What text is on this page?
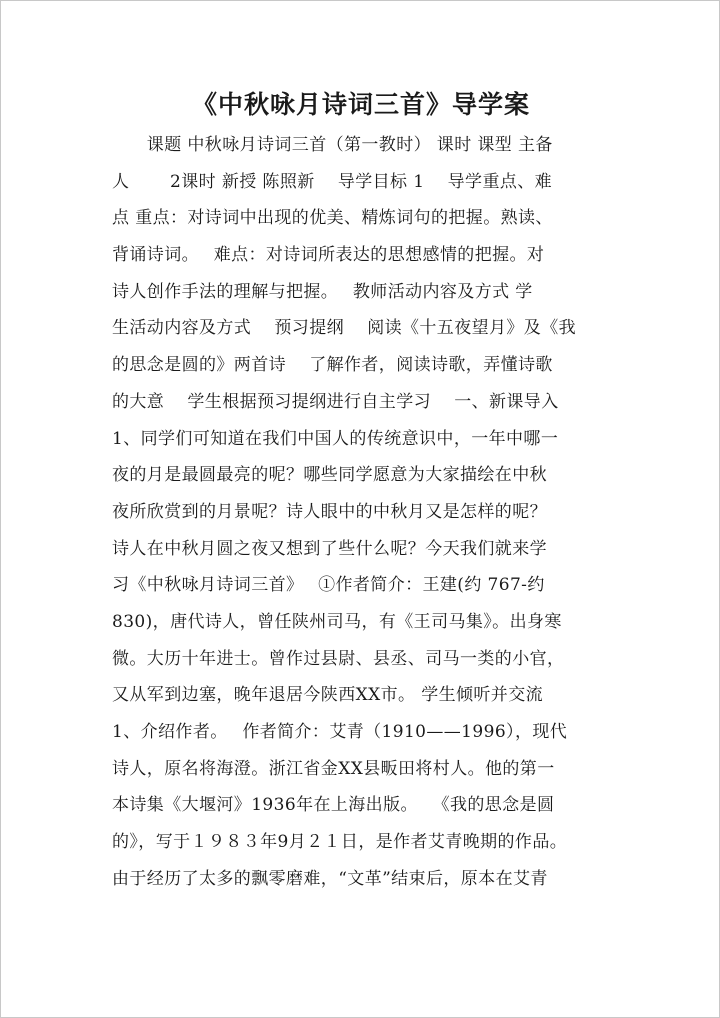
《中秋咏月诗词三首》导学案
　　课题 中秋咏月诗词三首（第一教时） 课时 课型 主备
人　　 2课时 新授 陈照新　 导学目标 1　 导学重点、难
点 重点：对诗词中出现的优美、精炼词句的把握。熟读、
背诵诗词。　 难点：对诗词所表达的思想感情的把握。对
诗人创作手法的理解与把握。　 教师活动内容及方式 学
生活动内容及方式　 预习提纲　 阅读《十五夜望月》及《我
的思念是圆的》两首诗　 了解作者，阅读诗歌，弄懂诗歌
的大意　 学生根据预习提纲进行自主学习　 一、新课导入
1、同学们可知道在我们中国人的传统意识中，一年中哪一
夜的月是最圆最亮的呢？哪些同学愿意为大家描绘在中秋
夜所欣赏到的月景呢？诗人眼中的中秋月又是怎样的呢？
诗人在中秋月圆之夜又想到了些什么呢？今天我们就来学
习《中秋咏月诗词三首》　 ①作者简介：王建(约 767-约
830)，唐代诗人，曾任陕州司马，有《王司马集》。出身寒
微。大历十年进士。曾作过县尉、县丞、司马一类的小官，
又从军到边塞，晚年退居今陕西XX市。 学生倾听并交流
1、介绍作者。　 作者简介：艾青（1910——1996），现代
诗人，原名将海澄。浙江省金XX县畈田将村人。他的第一
本诗集《大堰河》1936年在上海出版。　 《我的思念是圆
的》，写于１９８３年9月２１日，是作者艾青晚期的作品。
由于经历了太多的飘零磨难，“文革”结束后，原本在艾青
